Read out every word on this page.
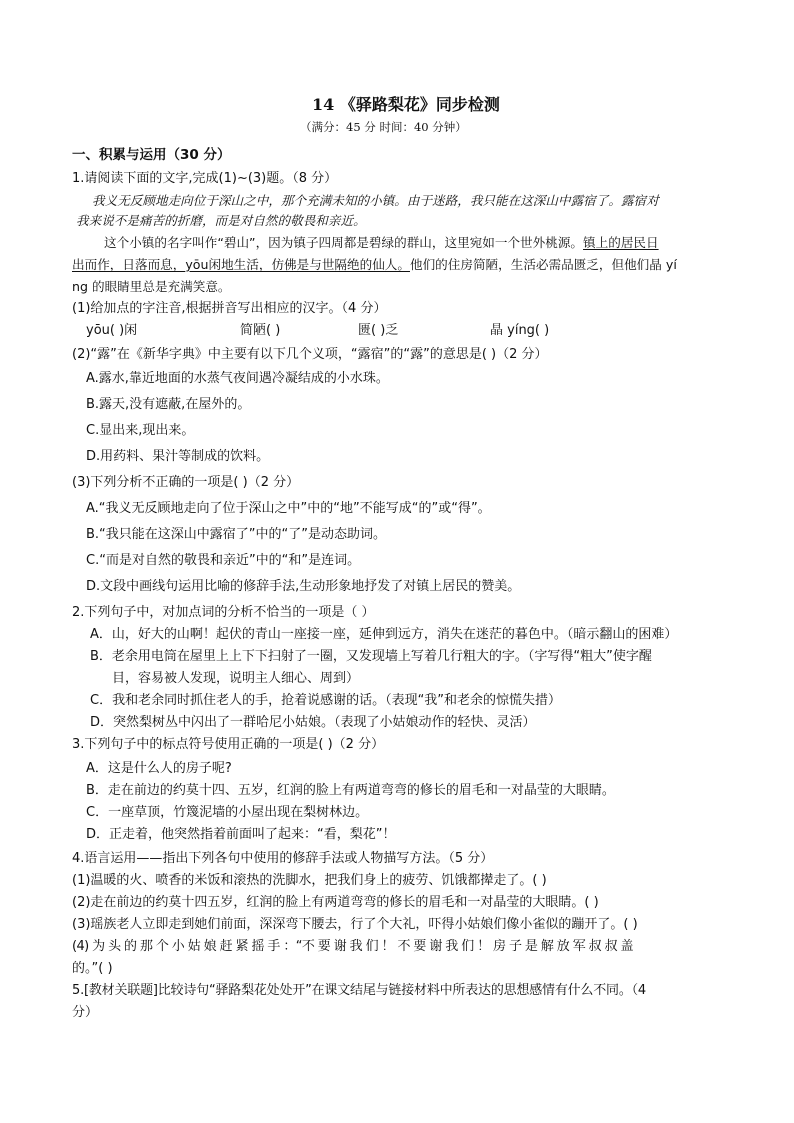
14 《驿路梨花》同步检测
（满分：45 分 时间：40 分钟）
一、积累与运用（30 分）
1.请阅读下面的文字,完成(1)~(3)题。（8 分）
我义无反顾地走向位于深山之中，那个充满未知的小镇。由于迷路，我只能在这深山中露宿了。露宿对
我来说不是痛苦的折磨，而是对自然的敬畏和亲近。
这个小镇的名字叫作“碧山”，因为镇子四周都是碧绿的群山，这里宛如一个世外桃源。镇上的居民日
出而作，日落而息，yōu闲地生活，仿佛是与世隔绝的仙人。他们的住房简陋，生活必需品匮乏，但他们晶 yí
ng 的眼睛里总是充满笑意。
(1)给加点的字注音,根据拼音写出相应的汉字。（4 分）
yōu( )闲	简陋( )	匮( )乏	晶 yíng( )
(2)“露”在《新华字典》中主要有以下几个义项，“露宿”的“露”的意思是( )（2 分）
A.露水,靠近地面的水蒸气夜间遇冷凝结成的小水珠。
B.露天,没有遮蔽,在屋外的。
C.显出来,现出来。
D.用药料、果汁等制成的饮料。
(3)下列分析不正确的一项是( )（2 分）
A.“我义无反顾地走向了位于深山之中”中的“地”不能写成“的”或“得”。
B.“我只能在这深山中露宿了”中的“了”是动态助词。
C.“而是对自然的敬畏和亲近”中的“和”是连词。
D.文段中画线句运用比喻的修辞手法,生动形象地抒发了对镇上居民的赞美。
2.下列句子中，对加点词的分析不恰当的一项是（ ）
A．山，好大的山啊！起伏的青山一座接一座，延伸到远方，消失在迷茫的暮色中。（暗示翻山的困难）
B．老余用电筒在屋里上上下下扫射了一圈，又发现墙上写着几行粗大的字。（字写得“粗大”使字醒
目，容易被人发现，说明主人细心、周到）
C．我和老余同时抓住老人的手，抢着说感谢的话。（表现“我”和老余的惊慌失措）
D．突然梨树丛中闪出了一群哈尼小姑娘。（表现了小姑娘动作的轻快、灵活）
3.下列句子中的标点符号使用正确的一项是( )（2 分）
A．这是什么人的房子呢?
B．走在前边的约莫十四、五岁，红润的脸上有两道弯弯的修长的眉毛和一对晶莹的大眼睛。
C．一座草顶，竹篾泥墙的小屋出现在梨树林边。
D．正走着，他突然指着前面叫了起来：“看，梨花”！
4.语言运用——指出下列各句中使用的修辞手法或人物描写方法。（5 分）
(1)温暖的火、喷香的米饭和滚热的洗脚水，把我们身上的疲劳、饥饿都撵走了。( )
(2)走在前边的约莫十四五岁，红润的脸上有两道弯弯的修长的眉毛和一对晶莹的大眼睛。( )
(3)瑶族老人立即走到她们前面，深深弯下腰去，行了个大礼，吓得小姑娘们像小雀似的蹦开了。( )
(4) 为 头 的 那 个 小 姑 娘 赶 紧 摇 手 ：“不 要 谢 我 们 ！ 不 要 谢 我 们 ！ 房 子 是 解 放 军 叔 叔 盖
的。”( )
5.[教材关联题]比较诗句“驿路梨花处处开”在课文结尾与链接材料中所表达的思想感情有什么不同。（4
分）
